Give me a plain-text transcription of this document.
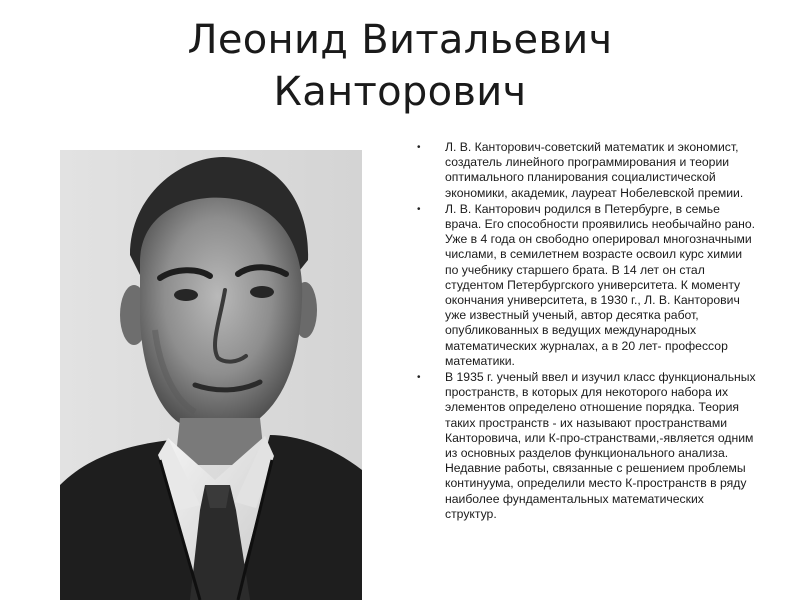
Леонид Витальевич
Канторович
• Л. В. Канторович-советский математик и экономист, создатель линейного программирования и теории оптимального планирования социалистической экономики, академик, лауреат Нобелевской премии.
• Л. В. Канторович родился в Петербурге, в семье врача. Его способности проявились необычайно рано. Уже в 4 года он свободно оперировал многозначными числами, в семилетнем возрасте освоил курс химии по учебнику старшего брата. В 14 лет он стал студентом Петербургского университета. К моменту окончания университета, в 1930 г., Л. В. Канторович уже известный ученый, автор десятка работ, опубликованных в ведущих международных математических журналах, а в 20 лет- профессор математики.
• В 1935 г. ученый ввел и изучил класс функциональных пространств, в которых для некоторого набора их элементов определено отношение порядка. Теория таких пространств - их называют пространствами Канторовича, или К-про-странствами,-является одним из основных разделов функционального анализа. Недавние работы, связанные с решением проблемы континуума, определили место К-пространств в ряду наиболее фундаментальных математических структур.
